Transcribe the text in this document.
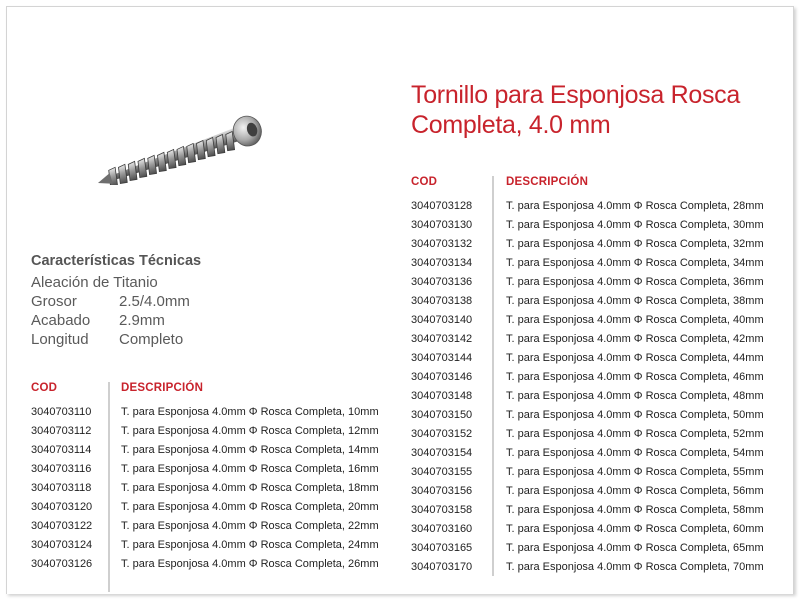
Tornillo para Esponjosa Rosca Completa, 4.0 mm
Características Técnicas
Aleación de Titanio
Grosor	2.5/4.0mm
Acabado	2.9mm
Longitud	Completo
COD	DESCRIPCIÓN
3040703110	T. para Esponjosa 4.0mm Φ Rosca Completa, 10mm
3040703112	T. para Esponjosa 4.0mm Φ Rosca Completa, 12mm
3040703114	T. para Esponjosa 4.0mm Φ Rosca Completa, 14mm
3040703116	T. para Esponjosa 4.0mm Φ Rosca Completa, 16mm
3040703118	T. para Esponjosa 4.0mm Φ Rosca Completa, 18mm
3040703120	T. para Esponjosa 4.0mm Φ Rosca Completa, 20mm
3040703122	T. para Esponjosa 4.0mm Φ Rosca Completa, 22mm
3040703124	T. para Esponjosa 4.0mm Φ Rosca Completa, 24mm
3040703126	T. para Esponjosa 4.0mm Φ Rosca Completa, 26mm
COD	DESCRIPCIÓN
3040703128	T. para Esponjosa 4.0mm Φ Rosca Completa, 28mm
3040703130	T. para Esponjosa 4.0mm Φ Rosca Completa, 30mm
3040703132	T. para Esponjosa 4.0mm Φ Rosca Completa, 32mm
3040703134	T. para Esponjosa 4.0mm Φ Rosca Completa, 34mm
3040703136	T. para Esponjosa 4.0mm Φ Rosca Completa, 36mm
3040703138	T. para Esponjosa 4.0mm Φ Rosca Completa, 38mm
3040703140	T. para Esponjosa 4.0mm Φ Rosca Completa, 40mm
3040703142	T. para Esponjosa 4.0mm Φ Rosca Completa, 42mm
3040703144	T. para Esponjosa 4.0mm Φ Rosca Completa, 44mm
3040703146	T. para Esponjosa 4.0mm Φ Rosca Completa, 46mm
3040703148	T. para Esponjosa 4.0mm Φ Rosca Completa, 48mm
3040703150	T. para Esponjosa 4.0mm Φ Rosca Completa, 50mm
3040703152	T. para Esponjosa 4.0mm Φ Rosca Completa, 52mm
3040703154	T. para Esponjosa 4.0mm Φ Rosca Completa, 54mm
3040703155	T. para Esponjosa 4.0mm Φ Rosca Completa, 55mm
3040703156	T. para Esponjosa 4.0mm Φ Rosca Completa, 56mm
3040703158	T. para Esponjosa 4.0mm Φ Rosca Completa, 58mm
3040703160	T. para Esponjosa 4.0mm Φ Rosca Completa, 60mm
3040703165	T. para Esponjosa 4.0mm Φ Rosca Completa, 65mm
3040703170	T. para Esponjosa 4.0mm Φ Rosca Completa, 70mm
